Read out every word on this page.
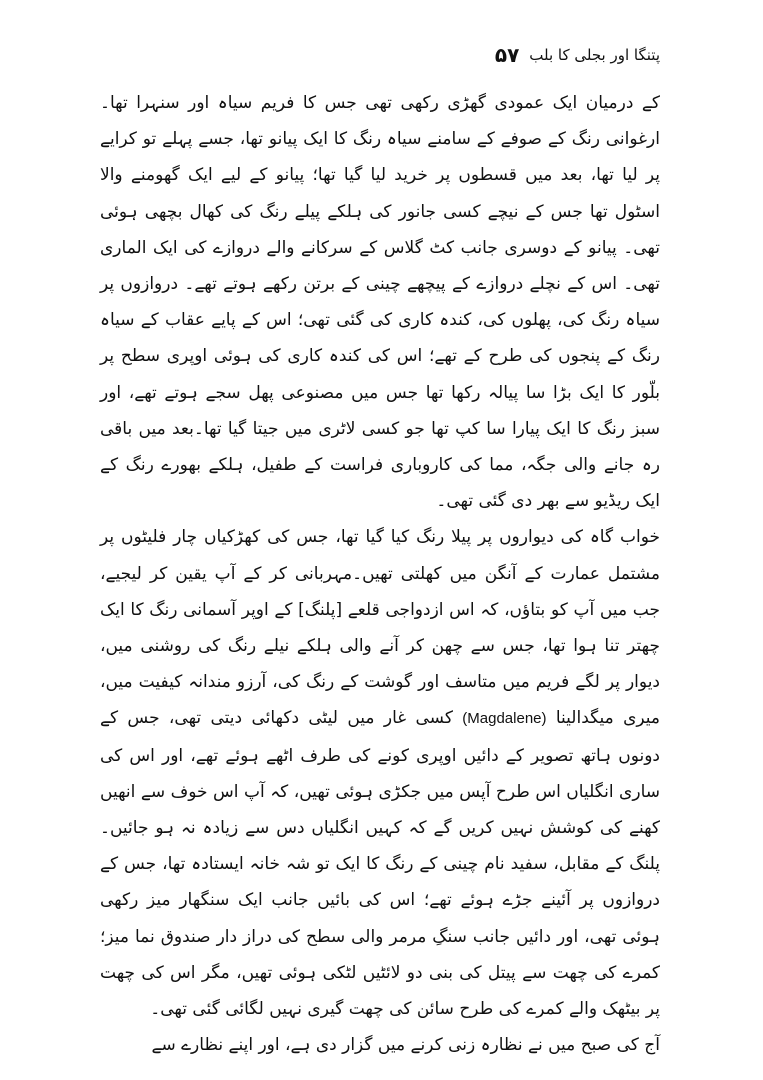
پتنگا اور بجلی کا بلب
۵۷

کے درمیان ایک عمودی گھڑی رکھی تھی جس کا فریم سیاہ اور سنہرا تھا۔ارغوانی رنگ کے صوفے کے سامنے سیاہ رنگ کا ایک پیانو تھا، جسے پہلے تو کرایے پر لیا تھا، بعد میں قسطوں پر خرید لیا گیا تھا؛ پیانو کے لیے ایک گھومنے والا اسٹول تھا جس کے نیچے کسی جانور کی ہلکے پیلے رنگ کی کھال بچھی ہوئی تھی۔ پیانو کے دوسری جانب کٹ گلاس کے سرکانے والے دروازے کی ایک الماری تھی۔ اس کے نچلے دروازے کے پیچھے چینی کے برتن رکھے ہوتے تھے۔ دروازوں پر سیاہ رنگ کی، پھلوں کی، کندہ کاری کی گئی تھی؛ اس کے پایے عقاب کے سیاہ رنگ کے پنجوں کی طرح کے تھے؛ اس کی کندہ کاری کی ہوئی اوپری سطح پر بلّور کا ایک بڑا سا پیالہ رکھا تھا جس میں مصنوعی پھل سجے ہوتے تھے، اور سبز رنگ کا ایک پیارا سا کپ تھا جو کسی لاٹری میں جیتا گیا تھا۔بعد میں باقی رہ جانے والی جگہ، مما کی کاروباری فراست کے طفیل، ہلکے بھورے رنگ کے ایک ریڈیو سے بھر دی گئی تھی۔

خواب گاہ کی دیواروں پر پیلا رنگ کیا گیا تھا، جس کی کھڑکیاں چار فلیٹوں پر مشتمل عمارت کے آنگن میں کھلتی تھیں۔مہربانی کر کے آپ یقین کر لیجیے، جب میں آپ کو بتاؤں، کہ اس ازدواجی قلعے [پلنگ] کے اوپر آسمانی رنگ کا ایک چھتر تنا ہوا تھا، جس سے چھن کر آنے والی ہلکے نیلے رنگ کی روشنی میں، دیوار پر لگے فریم میں متاسف اور گوشت کے رنگ کی، آرزو مندانہ کیفیت میں، میری میگدالینا (Magdalene) کسی غار میں لیٹی دکھائی دیتی تھی، جس کے دونوں ہاتھ تصویر کے دائیں اوپری کونے کی طرف اٹھے ہوئے تھے، اور اس کی ساری انگلیاں اس طرح آپس میں جکڑی ہوئی تھیں، کہ آپ اس خوف سے انھیں کھنے کی کوشش نہیں کریں گے کہ کہیں انگلیاں دس سے زیادہ نہ ہو جائیں۔پلنگ کے مقابل، سفید نام چینی کے رنگ کا ایک تو شہ خانہ ایستادہ تھا، جس کے دروازوں پر آئینے جڑے ہوئے تھے؛ اس کی بائیں جانب ایک سنگھار میز رکھی ہوئی تھی، اور دائیں جانب سنگِ مرمر والی سطح کی دراز دار صندوق نما میز؛ کمرے کی چھت سے پیتل کی بنی دو لائٹیں لٹکی ہوئی تھیں، مگر اس کی چھت پر بیٹھک والے کمرے کی طرح سائن کی چھت گیری نہیں لگائی گئی تھی۔

آج کی صبح میں نے نظارہ زنی کرنے میں گزار دی ہے، اور اپنے نظارے سے
